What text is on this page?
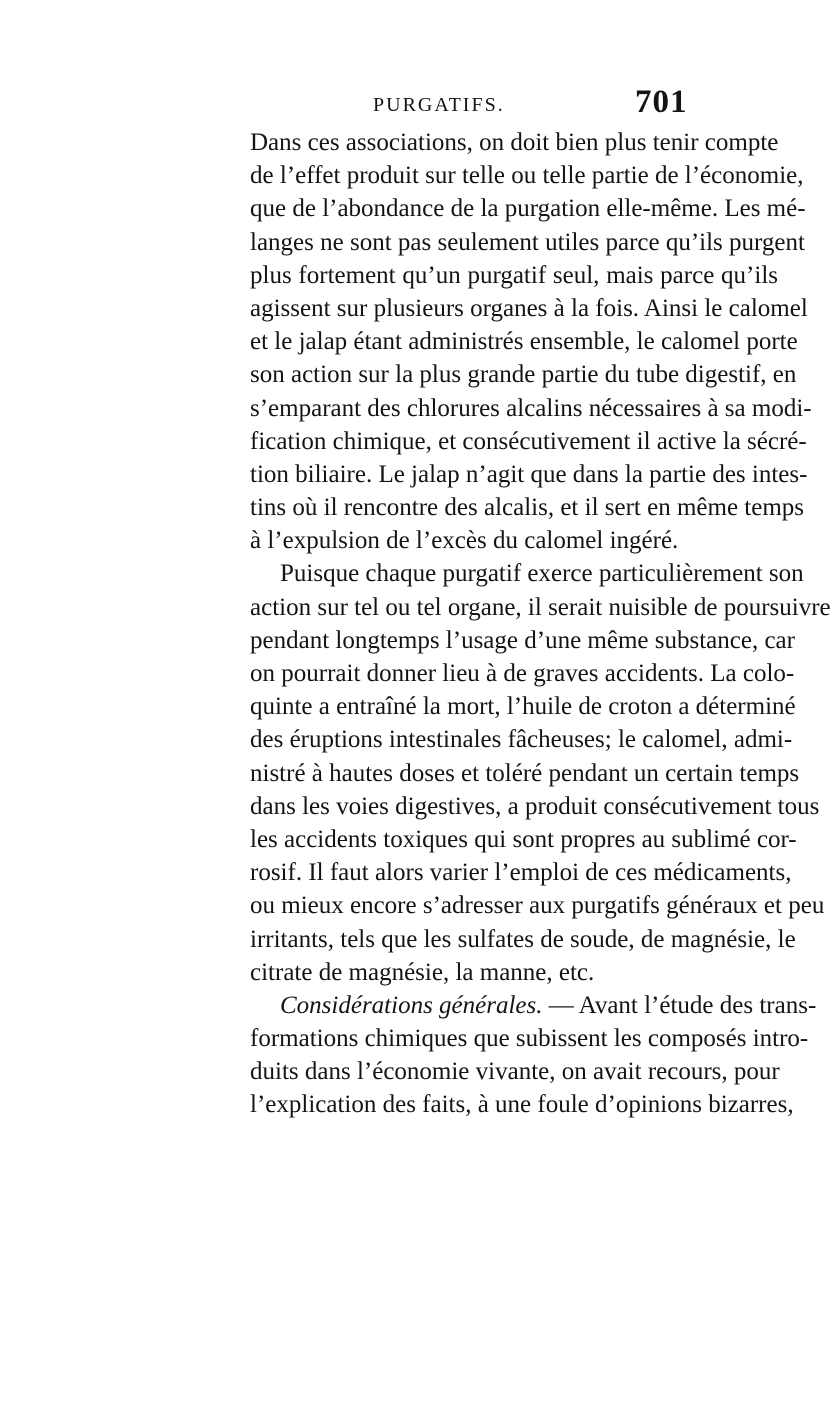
PURGATIFS.	701
Dans ces associations, on doit bien plus tenir compte
de l’effet produit sur telle ou telle partie de l’économie,
que de l’abondance de la purgation elle-même. Les mé-
langes ne sont pas seulement utiles parce qu’ils purgent
plus fortement qu’un purgatif seul, mais parce qu’ils
agissent sur plusieurs organes à la fois. Ainsi le calomel
et le jalap étant administrés ensemble, le calomel porte
son action sur la plus grande partie du tube digestif, en
s’emparant des chlorures alcalins nécessaires à sa modi-
fication chimique, et consécutivement il active la sécré-
tion biliaire. Le jalap n’agit que dans la partie des intes-
tins où il rencontre des alcalis, et il sert en même temps
à l’expulsion de l’excès du calomel ingéré.
Puisque chaque purgatif exerce particulièrement son
action sur tel ou tel organe, il serait nuisible de poursuivre
pendant longtemps l’usage d’une même substance, car
on pourrait donner lieu à de graves accidents. La colo-
quinte a entraîné la mort, l’huile de croton a déterminé
des éruptions intestinales fâcheuses; le calomel, admi-
nistré à hautes doses et toléré pendant un certain temps
dans les voies digestives, a produit consécutivement tous
les accidents toxiques qui sont propres au sublimé cor-
rosif. Il faut alors varier l’emploi de ces médicaments,
ou mieux encore s’adresser aux purgatifs généraux et peu
irritants, tels que les sulfates de soude, de magnésie, le
citrate de magnésie, la manne, etc.
Considérations générales. — Avant l’étude des trans-
formations chimiques que subissent les composés intro-
duits dans l’économie vivante, on avait recours, pour
l’explication des faits, à une foule d’opinions bizarres,
